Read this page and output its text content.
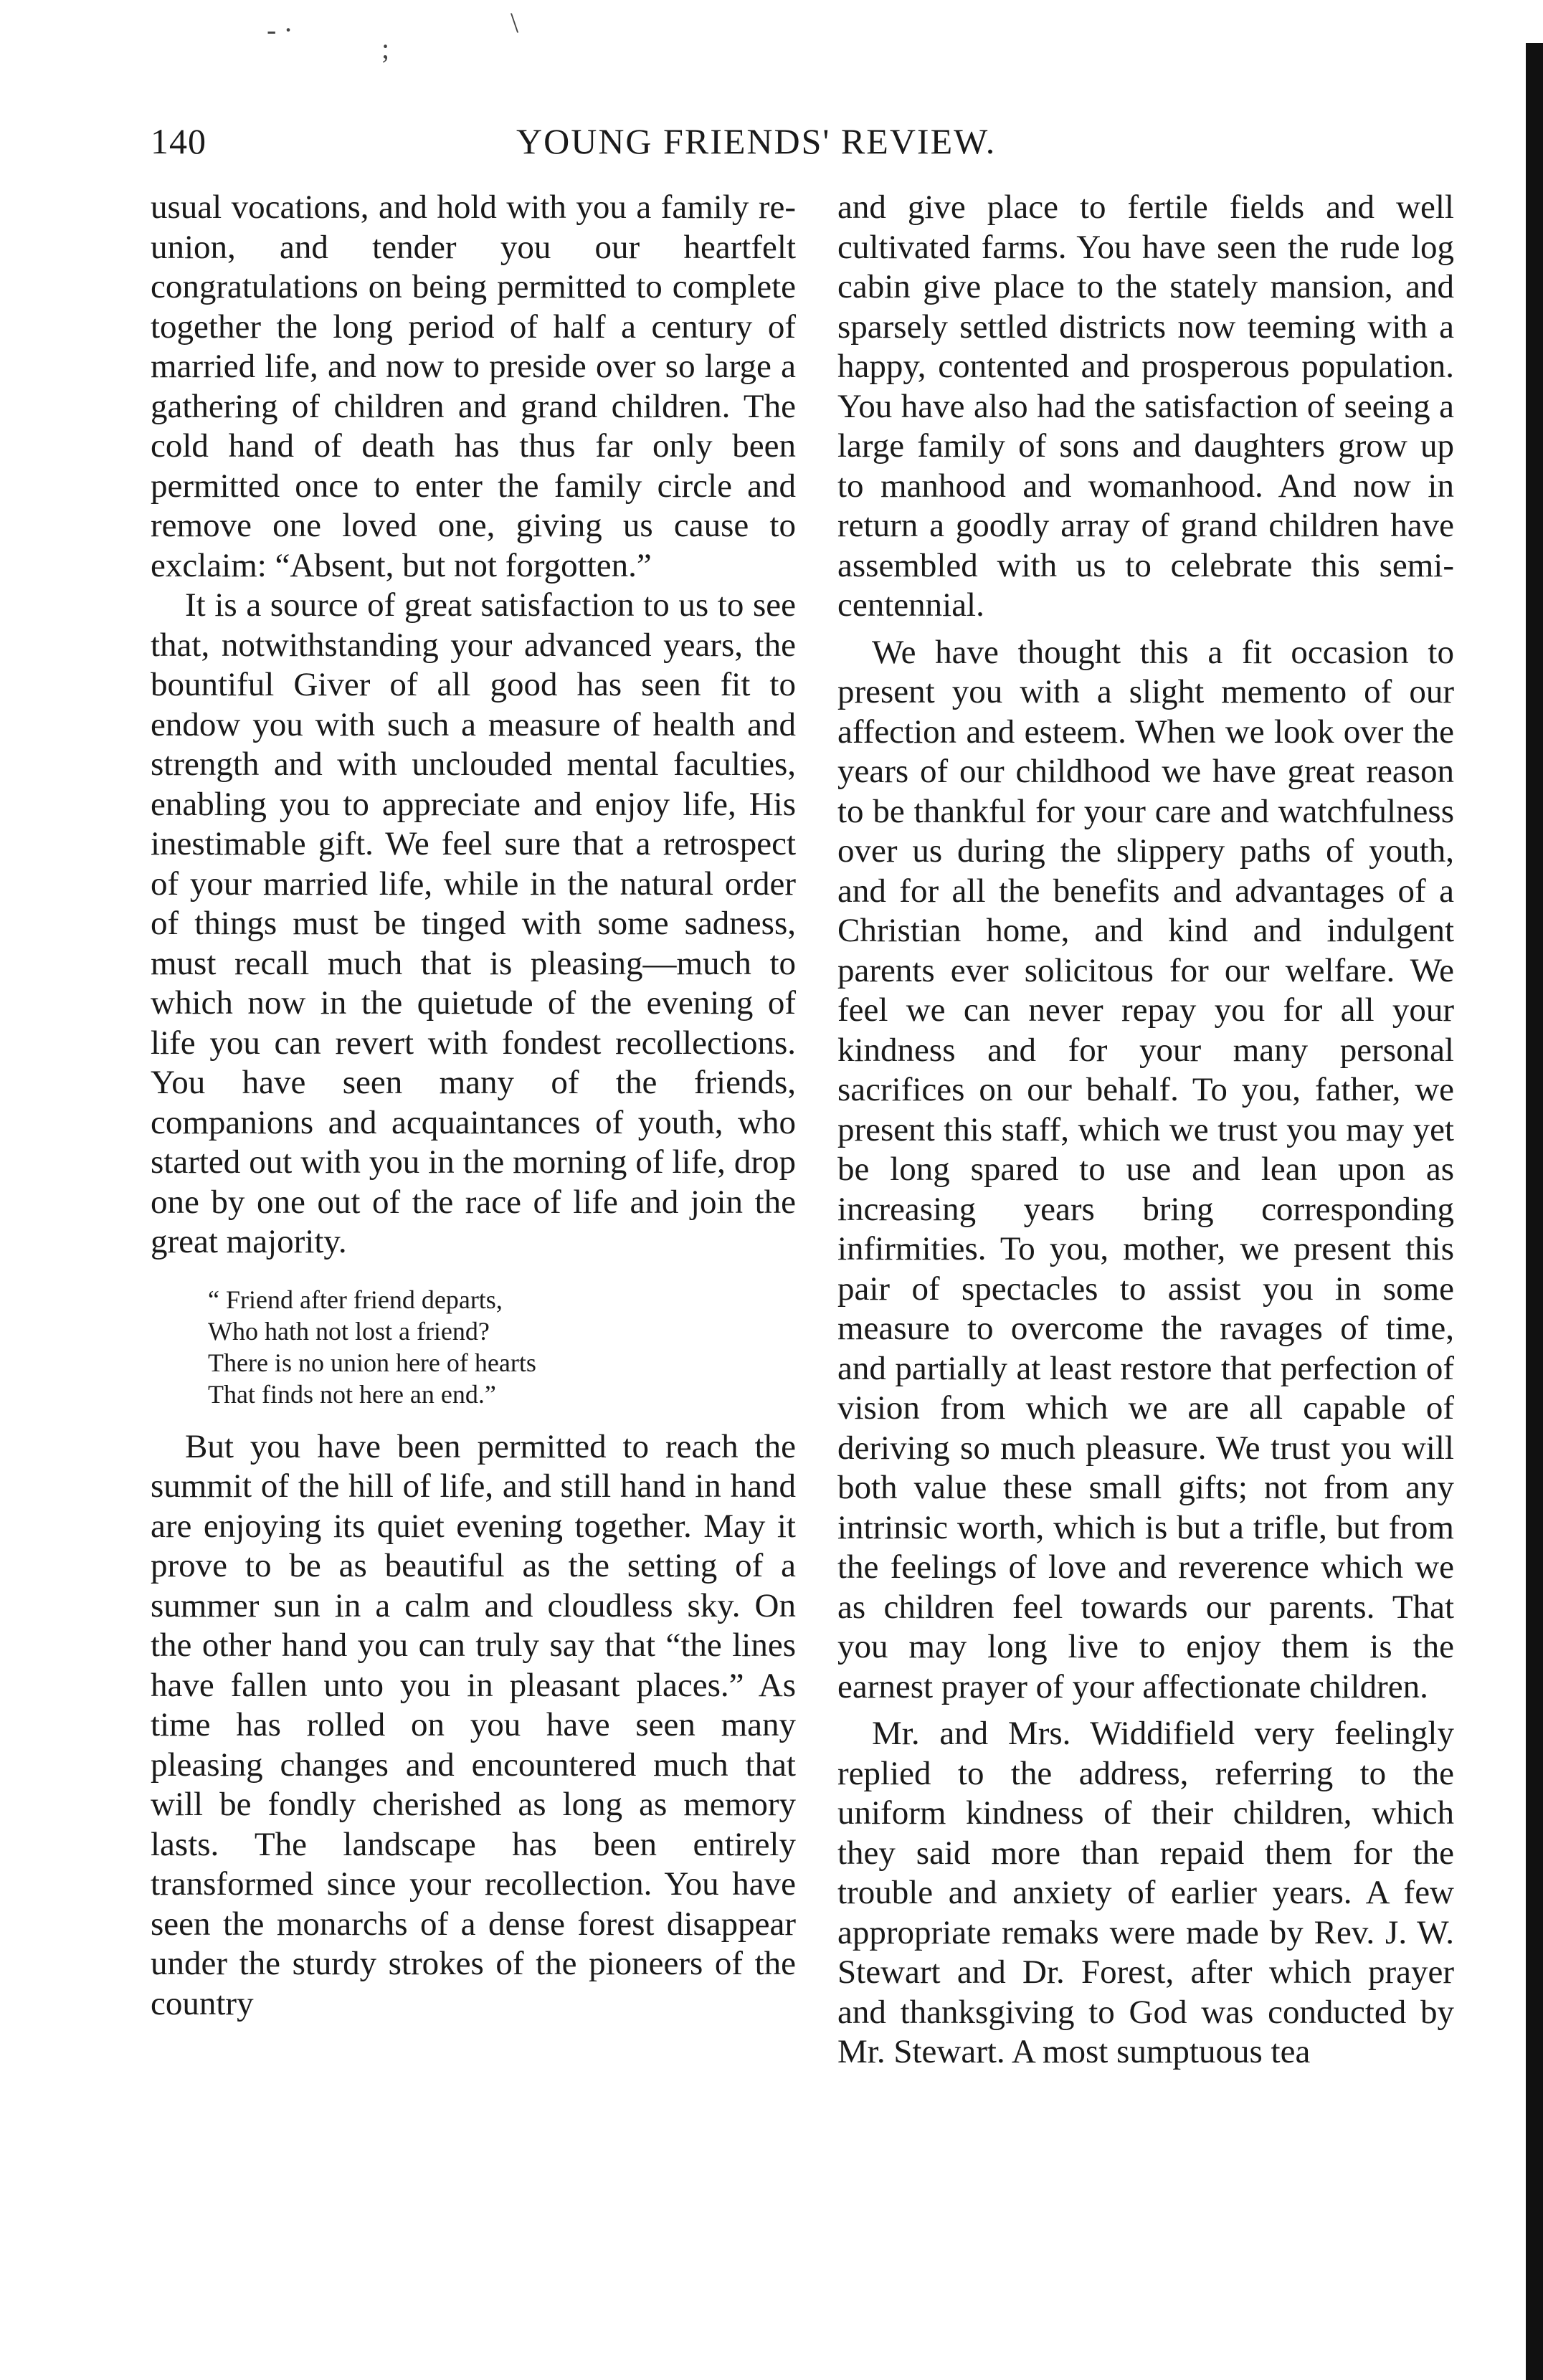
- ·
;
\
140	YOUNG FRIENDS' REVIEW.

usual vocations, and hold with you a family re-union, and tender you our heartfelt congratulations on being permitted to complete together the long period of half a century of married life, and now to preside over so large a gathering of children and grand children. The cold hand of death has thus far only been permitted once to enter the family circle and remove one loved one, giving us cause to exclaim: “Absent, but not forgotten.”

It is a source of great satisfaction to us to see that, notwithstanding your advanced years, the bountiful Giver of all good has seen fit to endow you with such a measure of health and strength and with unclouded mental faculties, enabling you to appreciate and enjoy life, His inestimable gift. We feel sure that a retrospect of your married life, while in the natural order of things must be tinged with some sadness, must recall much that is pleasing—much to which now in the quietude of the evening of life you can revert with fondest recollections. You have seen many of the friends, companions and acquaintances of youth, who started out with you in the morning of life, drop one by one out of the race of life and join the great majority.

“ Friend after friend departs,
Who hath not lost a friend?
There is no union here of hearts
That finds not here an end.”

But you have been permitted to reach the summit of the hill of life, and still hand in hand are enjoying its quiet evening together. May it prove to be as beautiful as the setting of a summer sun in a calm and cloudless sky. On the other hand you can truly say that “the lines have fallen unto you in pleasant places.” As time has rolled on you have seen many pleasing changes and encountered much that will be fondly cherished as long as memory lasts. The landscape has been entirely transformed since your recollection. You have seen the monarchs of a dense forest disappear under the sturdy strokes of the pioneers of the country

and give place to fertile fields and well cultivated farms. You have seen the rude log cabin give place to the stately mansion, and sparsely settled districts now teeming with a happy, contented and prosperous population. You have also had the satisfaction of seeing a large family of sons and daughters grow up to manhood and womanhood. And now in return a goodly array of grand children have assembled with us to celebrate this semi-centennial.

We have thought this a fit occasion to present you with a slight memento of our affection and esteem. When we look over the years of our childhood we have great reason to be thankful for your care and watchfulness over us during the slippery paths of youth, and for all the benefits and advantages of a Christian home, and kind and indulgent parents ever solicitous for our welfare. We feel we can never repay you for all your kindness and for your many personal sacrifices on our behalf. To you, father, we present this staff, which we trust you may yet be long spared to use and lean upon as increasing years bring corresponding infirmities. To you, mother, we present this pair of spectacles to assist you in some measure to overcome the ravages of time, and partially at least restore that perfection of vision from which we are all capable of deriving so much pleasure. We trust you will both value these small gifts; not from any intrinsic worth, which is but a trifle, but from the feelings of love and reverence which we as children feel towards our parents. That you may long live to enjoy them is the earnest prayer of your affectionate children.

Mr. and Mrs. Widdifield very feelingly replied to the address, referring to the uniform kindness of their children, which they said more than repaid them for the trouble and anxiety of earlier years. A few appropriate remaks were made by Rev. J. W. Stewart and Dr. Forest, after which prayer and thanksgiving to God was conducted by Mr. Stewart. A most sumptuous tea
